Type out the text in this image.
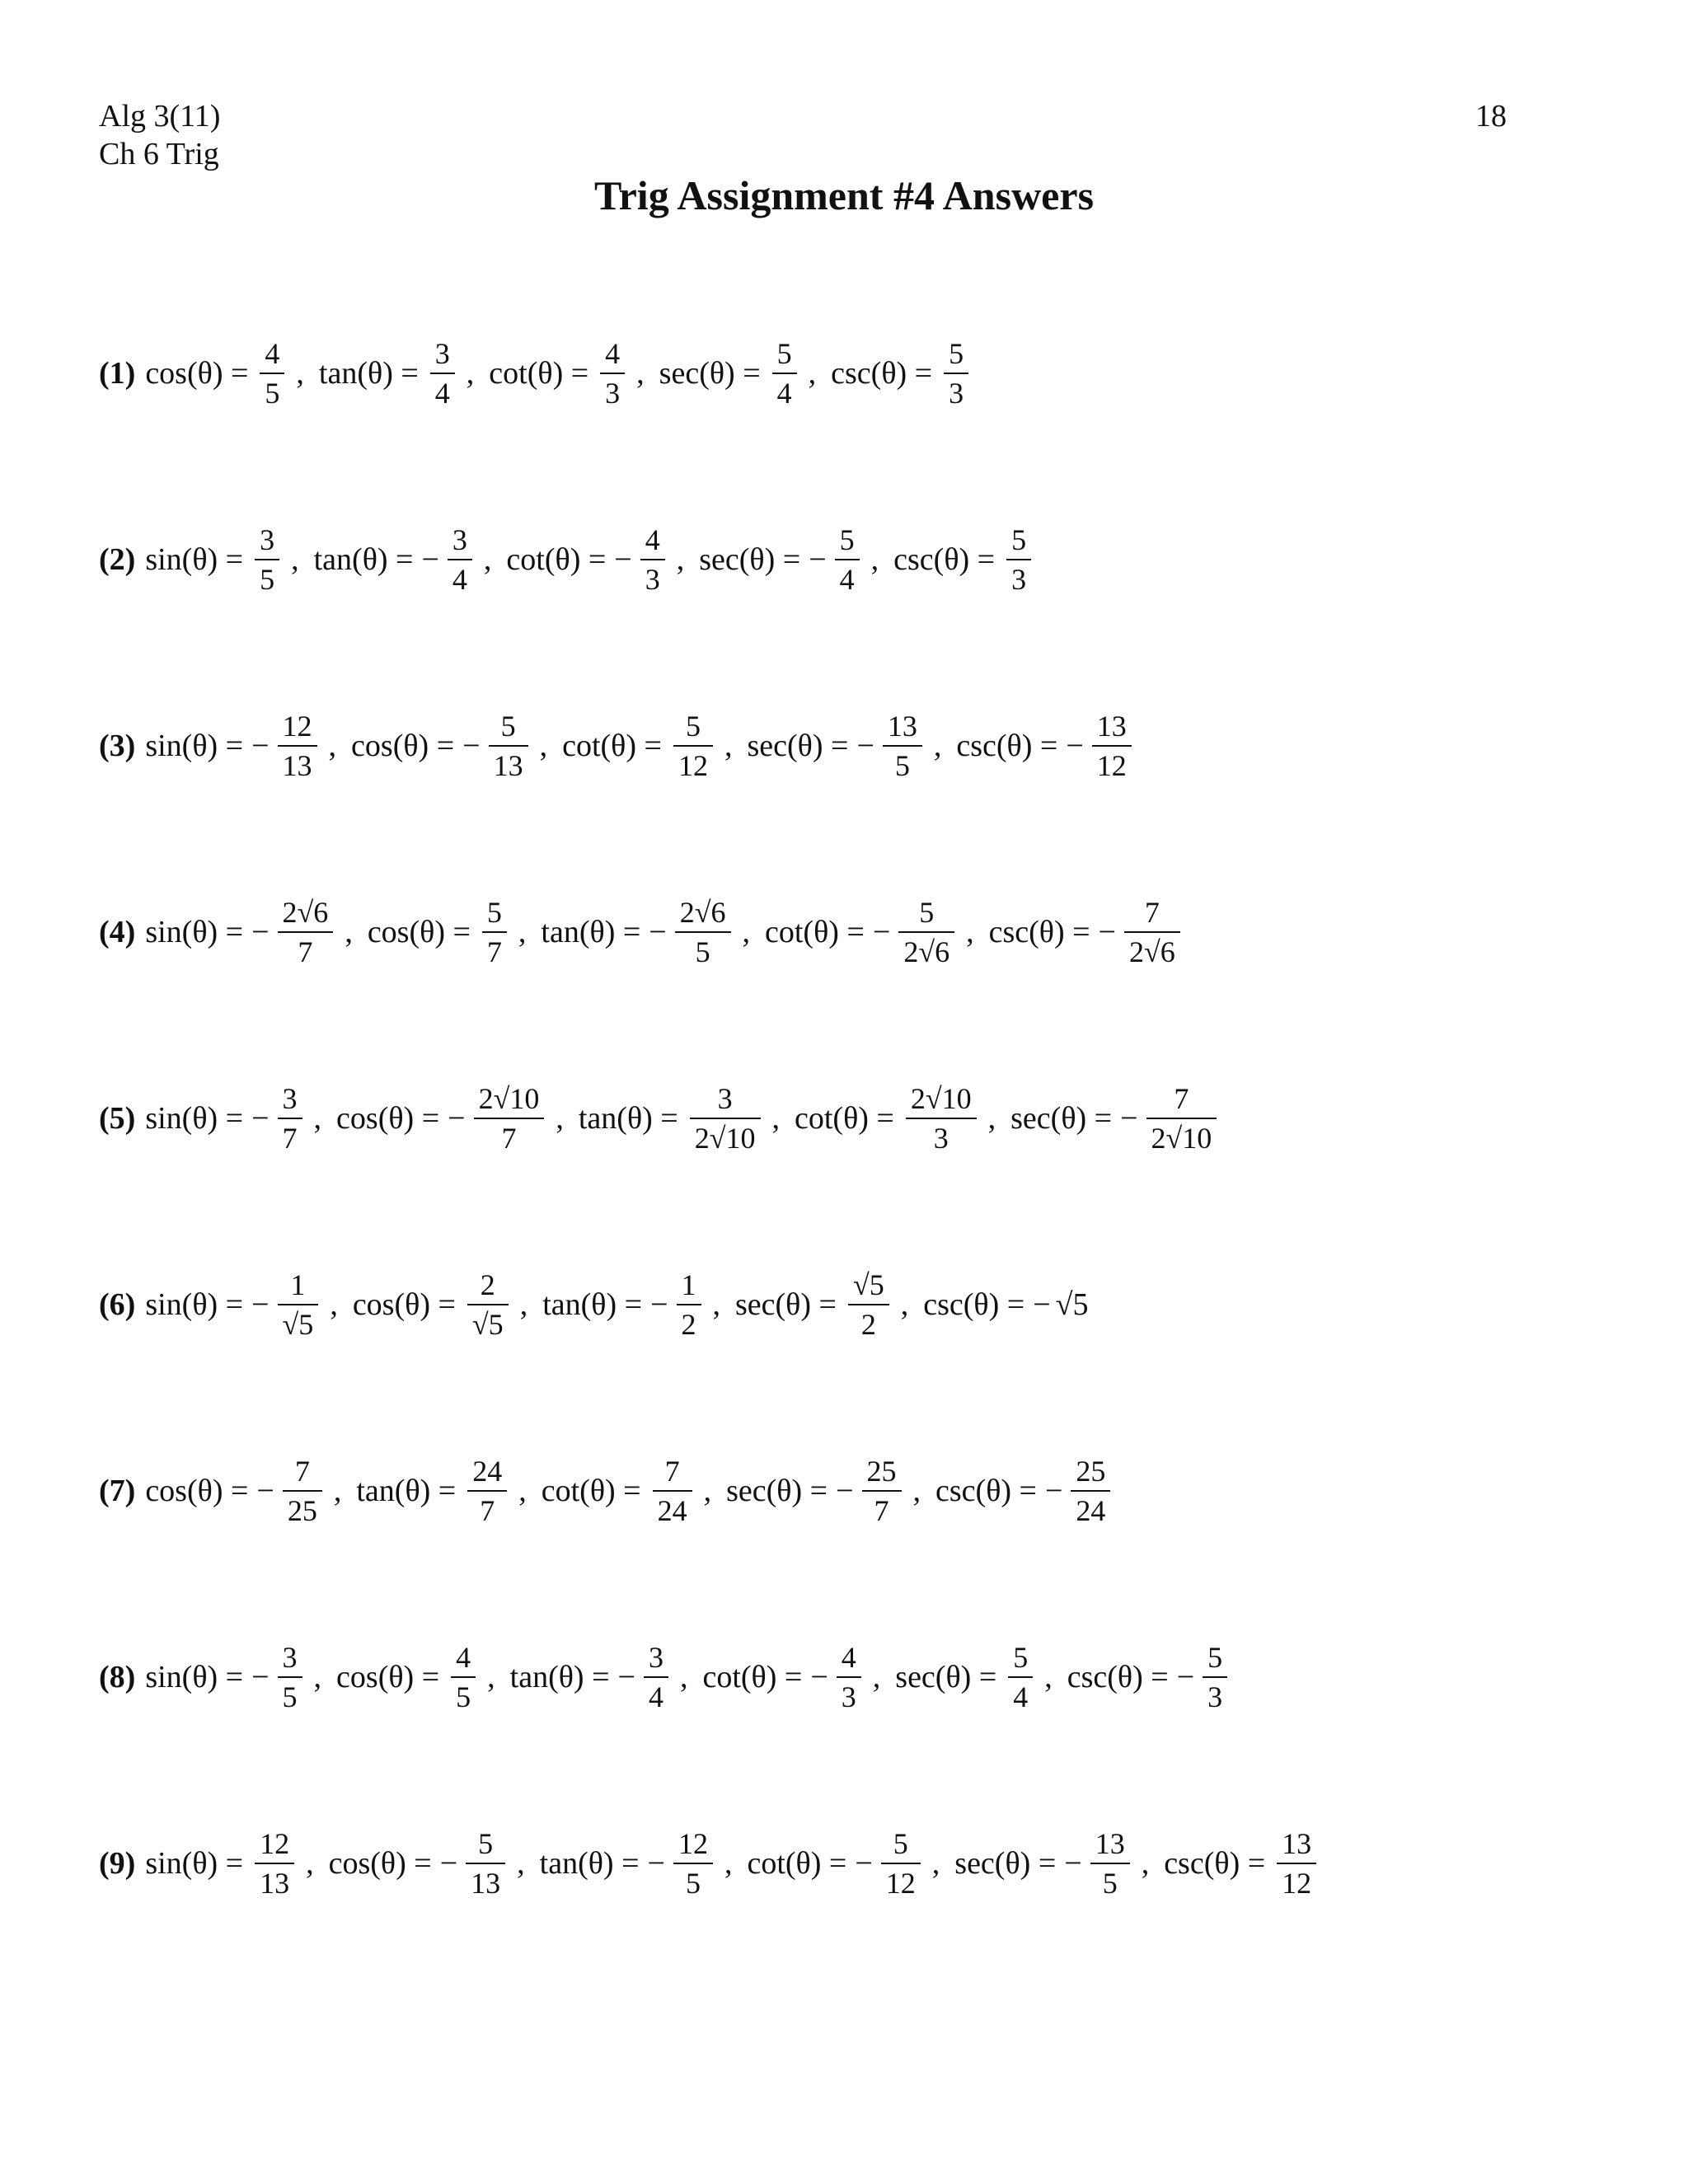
Alg 3(11)
Ch 6 Trig
18
Trig Assignment #4 Answers
(1) $\cos(\theta) = \frac{4}{5}$ , $\tan(\theta) = \frac{3}{4}$ , $\cot(\theta) = \frac{4}{3}$ , $\sec(\theta) = \frac{5}{4}$ , $\csc(\theta) = \frac{5}{3}$
(2) $\sin(\theta) = \frac{3}{5}$ , tan(θ) = − $\frac{3}{4}$ , cot(θ) = − $\frac{4}{3}$ , sec(θ) = − $\frac{5}{4}$ , $\csc(\theta) = \frac{5}{3}$
(3) sin(θ) = − $\frac{12}{13}$ , cos(θ) = − $\frac{5}{13}$ , $\cot(\theta) = \frac{5}{12}$ , sec(θ) = − $\frac{13}{5}$ , csc(θ) = − $\frac{13}{12}$
(4) sin(θ) = − $\frac{2√6}{7}$ , $\cos(\theta) = \frac{5}{7}$ , tan(θ) = − $\frac{2√6}{5}$ , cot(θ) = − $\frac{5}{2√6}$ , csc(θ) = − $\frac{7}{2√6}$
(5) sin(θ) = − $\frac{3}{7}$ , cos(θ) = − $\frac{2√10}{7}$ , $\tan(\theta) = \frac{3}{2√10}$ , $\cot(\theta) = \frac{2√10}{3}$ , sec(θ) = − $\frac{7}{2√10}$
(6) sin(θ) = − $\frac{1}{√5}$ , $\cos(\theta) = \frac{2}{√5}$ , tan(θ) = − $\frac{1}{2}$ , $\sec(\theta) = \frac{√5}{2}$ , csc(θ) = − √5
(7) cos(θ) = − $\frac{7}{25}$ , $\tan(\theta) = \frac{24}{7}$ , $\cot(\theta) = \frac{7}{24}$ , sec(θ) = − $\frac{25}{7}$ , csc(θ) = − $\frac{25}{24}$
(8) sin(θ) = − $\frac{3}{5}$ , $\cos(\theta) = \frac{4}{5}$ , tan(θ) = − $\frac{3}{4}$ , cot(θ) = − $\frac{4}{3}$ , $\sec(\theta) = \frac{5}{4}$ , csc(θ) = − $\frac{5}{3}$
(9) $\sin(\theta) = \frac{12}{13}$ , cos(θ) = − $\frac{5}{13}$ , tan(θ) = − $\frac{12}{5}$ , cot(θ) = − $\frac{5}{12}$ , sec(θ) = − $\frac{13}{5}$ , $\csc(\theta) = \frac{13}{12}$
